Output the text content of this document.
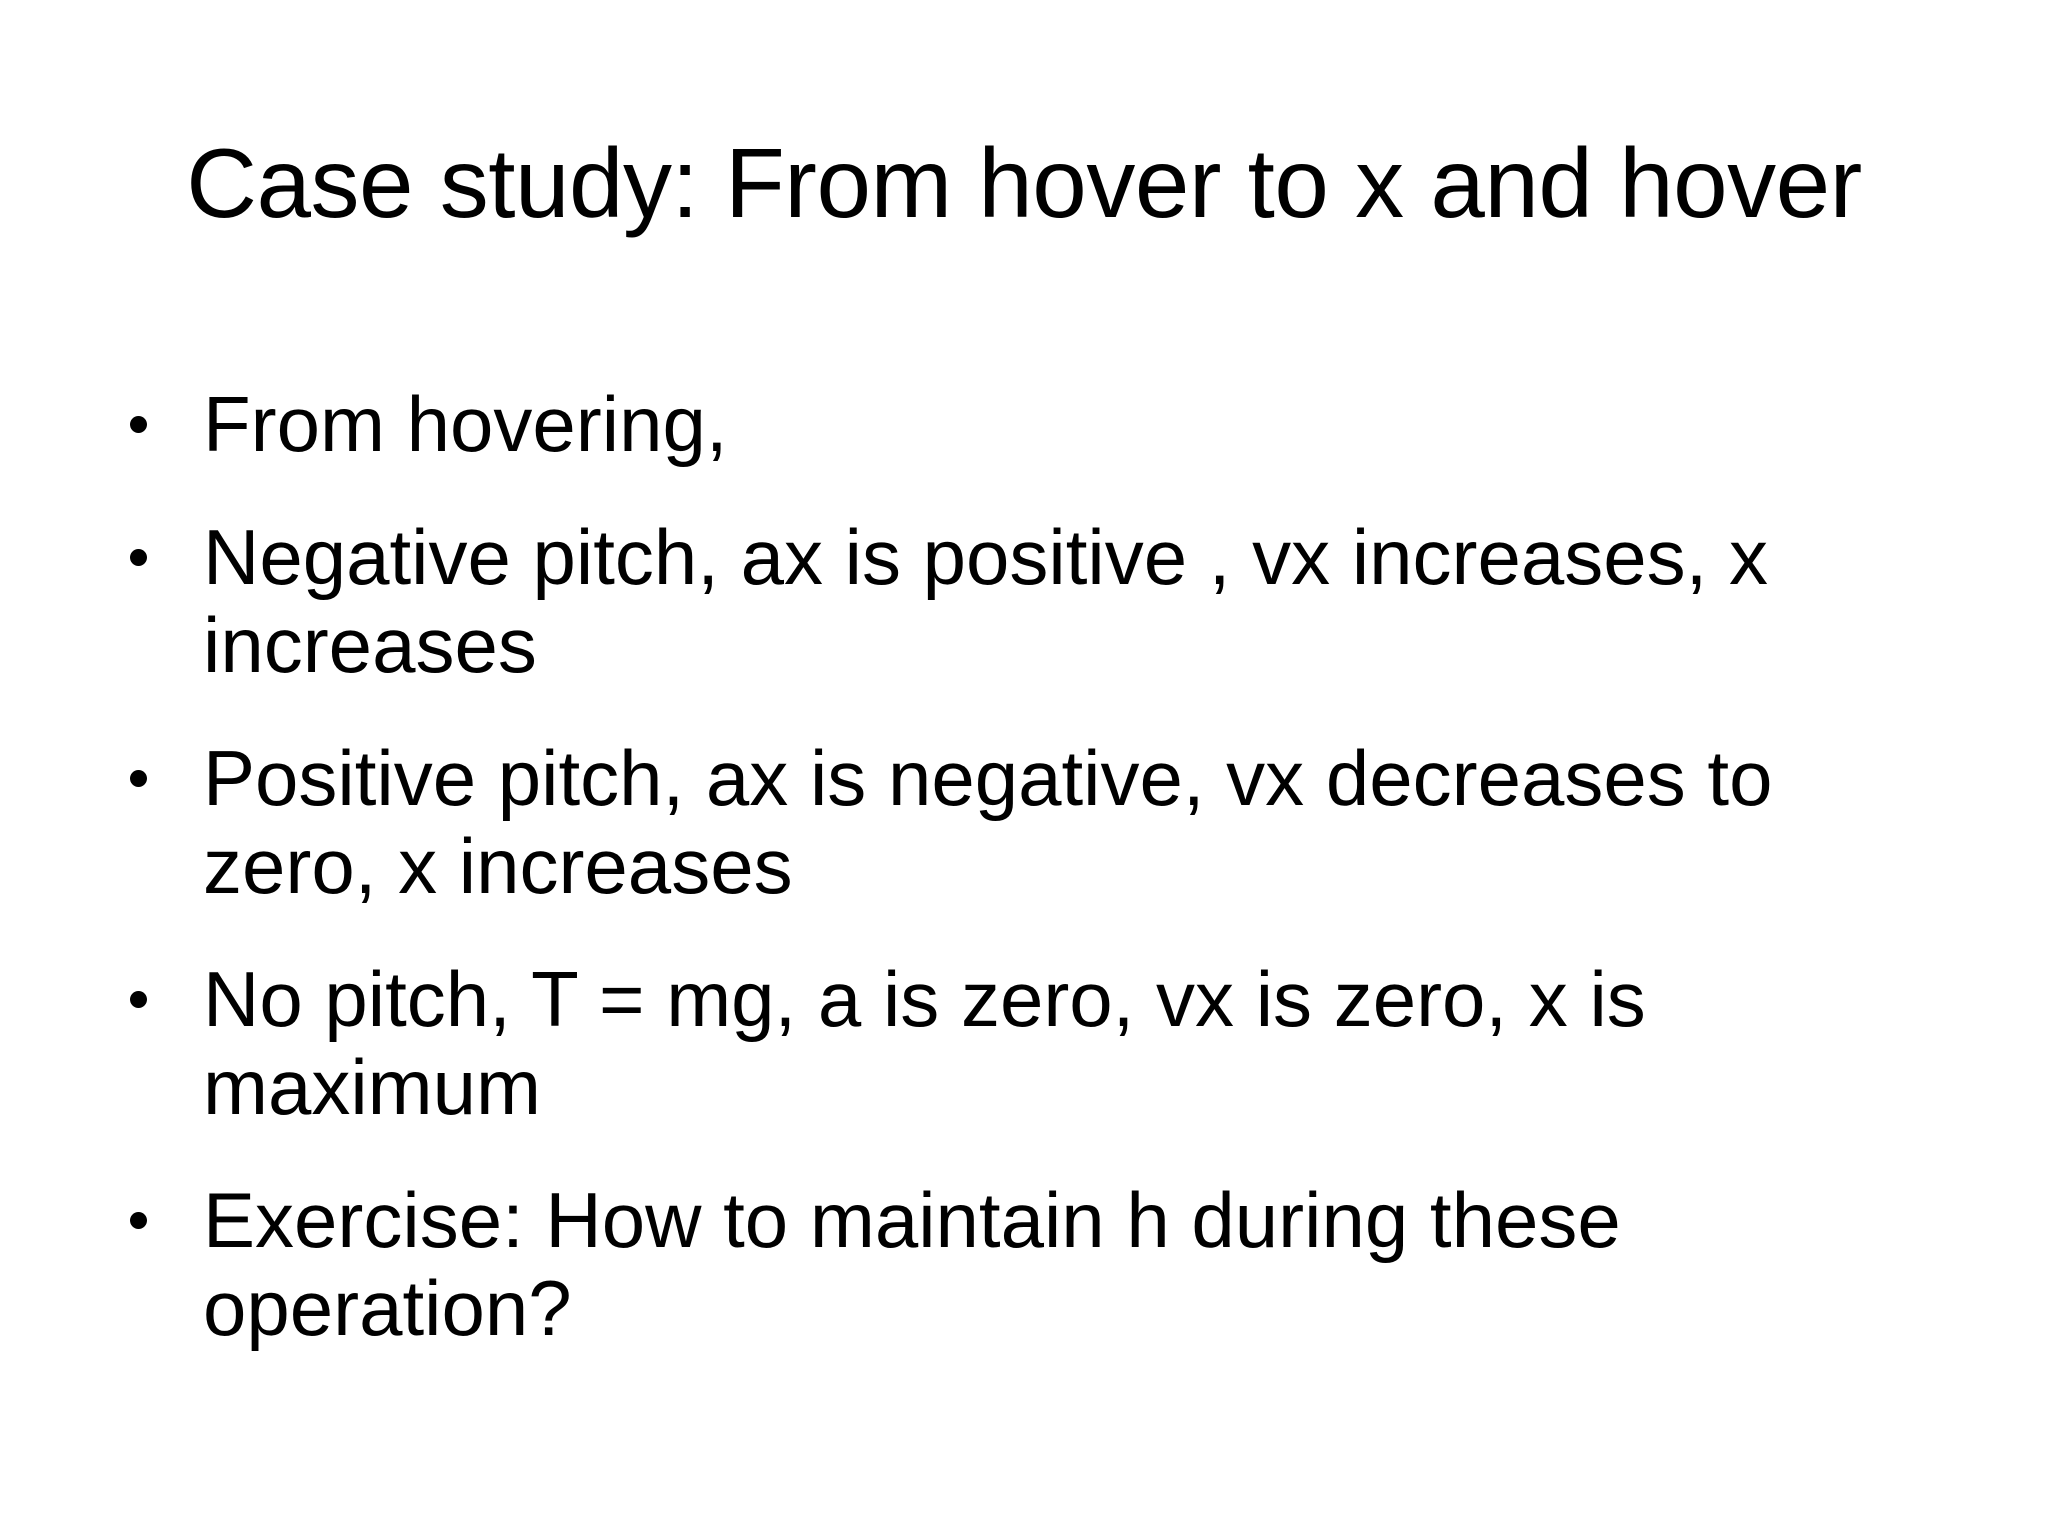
Case study: From hover to x and hover
From hovering,
Negative pitch, ax is positive , vx increases, x increases
Positive pitch, ax is negative, vx decreases to zero, x increases
No pitch, T = mg, a is zero, vx is zero, x is maximum
Exercise: How to maintain h during these operation?
